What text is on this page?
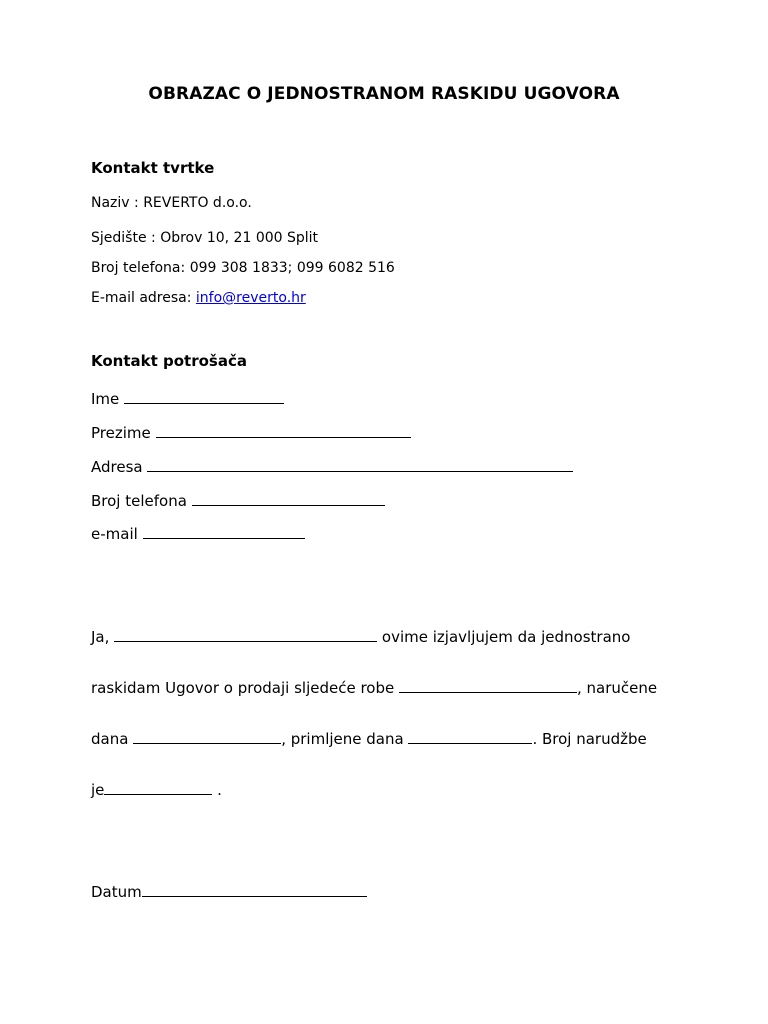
OBRAZAC O JEDNOSTRANOM RASKIDU UGOVORA
Kontakt tvrtke
Naziv : REVERTO d.o.o.
Sjedište : Obrov 10, 21 000 Split
Broj telefona: 099 308 1833; 099 6082 516
E-mail adresa: info@reverto.hr
Kontakt potrošača
Ime
Prezime
Adresa
Broj telefona
e-mail
Ja,	ovime izjavljujem da jednostrano
raskidam Ugovor o prodaji sljedeće robe	, naručene
dana	, primljene dana	. Broj narudžbe
je	.
Datum
